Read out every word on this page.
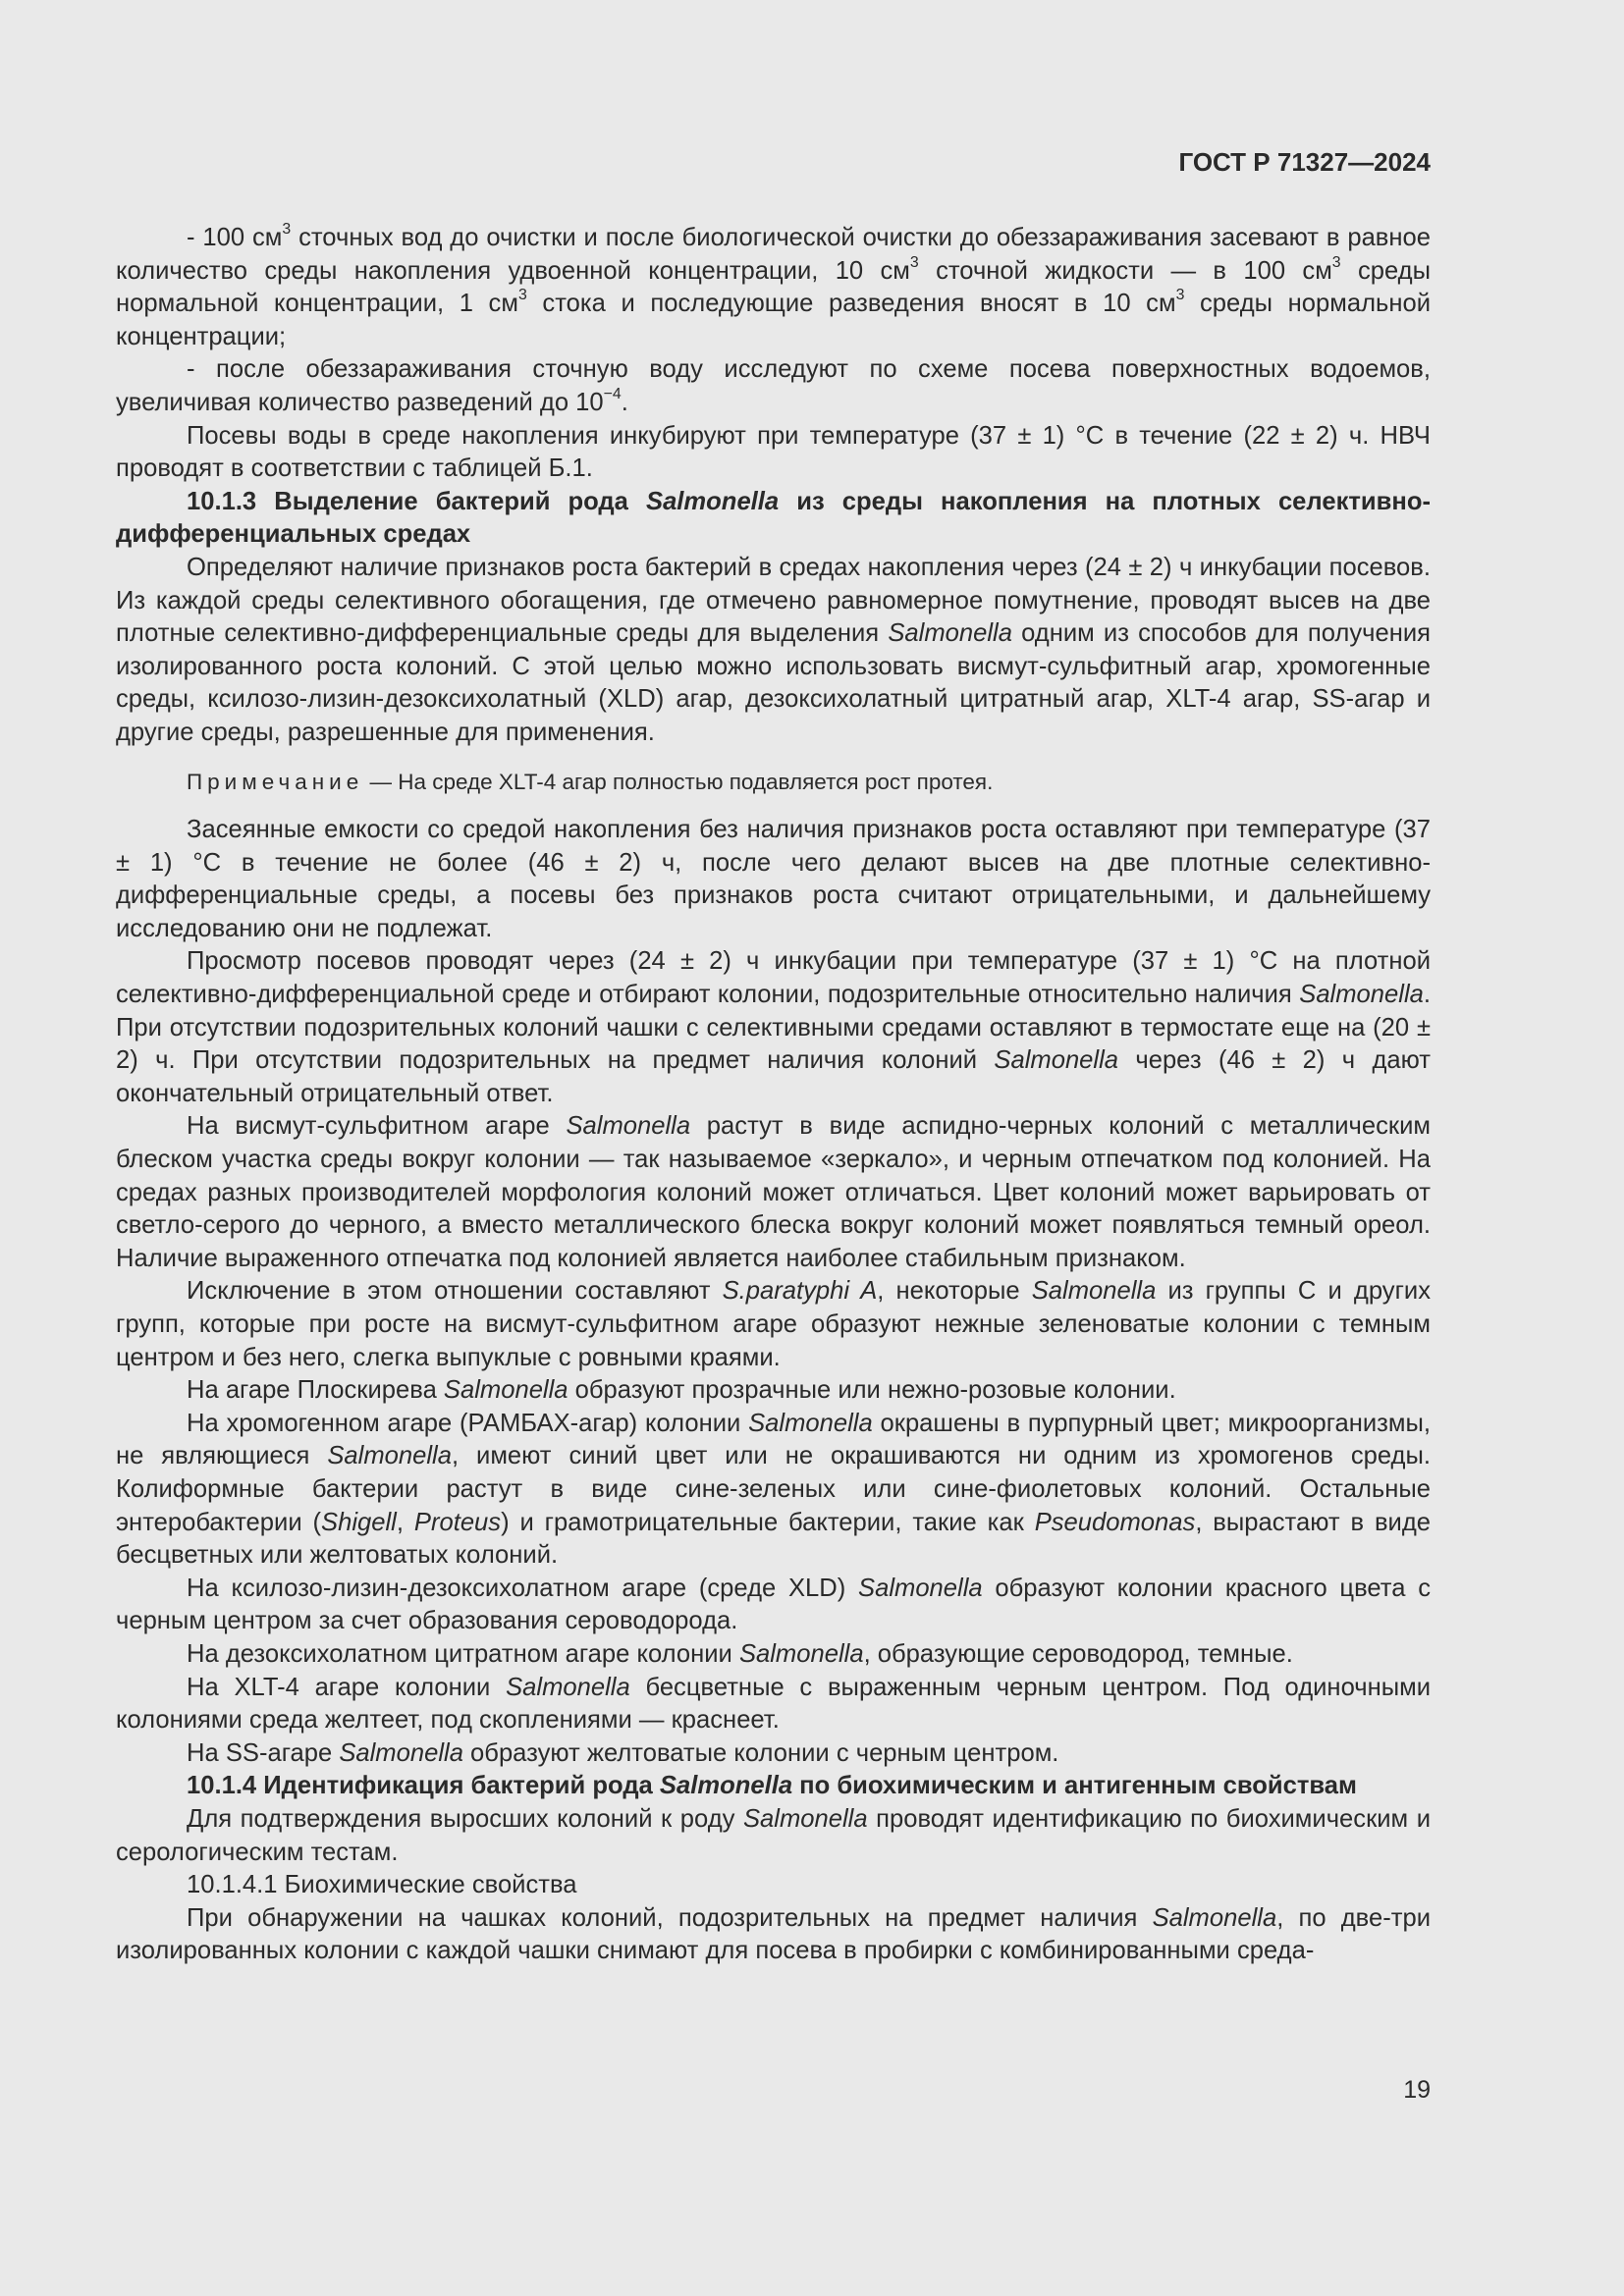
ГОСТ Р 71327—2024

- 100 $см^3$ сточных вод до очистки и после биологической очистки до обеззараживания засевают в равное количество среды накопления удвоенной концентрации, 10 $см^3$ сточной жидкости — в 100 $см^3$ среды нормальной концентрации, 1 $см^3$ стока и последующие разведения вносят в 10 $см^3$ среды нормальной концентрации;

- после обеззараживания сточную воду исследуют по схеме посева поверхностных водоемов, увеличивая количество разведений до $10^{-4}$.

Посевы воды в среде накопления инкубируют при температуре (37 ± 1) °С в течение (22 ± 2) ч. НВЧ проводят в соответствии с таблицей Б.1.

10.1.3 Выделение бактерий рода Salmonella из среды накопления на плотных селективно-дифференциальных средах

Определяют наличие признаков роста бактерий в средах накопления через (24 ± 2) ч инкубации посевов. Из каждой среды селективного обогащения, где отмечено равномерное помутнение, проводят высев на две плотные селективно-дифференциальные среды для выделения Salmonella одним из способов для получения изолированного роста колоний. С этой целью можно использовать висмут-сульфитный агар, хромогенные среды, ксилозо-лизин-дезоксихолатный (XLD) агар, дезоксихолатный цитратный агар, XLT-4 агар, SS-агар и другие среды, разрешенные для применения.

Примечание — На среде XLT-4 агар полностью подавляется рост протея.

Засеянные емкости со средой накопления без наличия признаков роста оставляют при температуре (37 ± 1) °С в течение не более (46 ± 2) ч, после чего делают высев на две плотные селективно-дифференциальные среды, а посевы без признаков роста считают отрицательными, и дальнейшему исследованию они не подлежат.

Просмотр посевов проводят через (24 ± 2) ч инкубации при температуре (37 ± 1) °С на плотной селективно-дифференциальной среде и отбирают колонии, подозрительные относительно наличия Salmonella. При отсутствии подозрительных колоний чашки с селективными средами оставляют в термостате еще на (20 ± 2) ч. При отсутствии подозрительных на предмет наличия колоний Salmonella через (46 ± 2) ч дают окончательный отрицательный ответ.

На висмут-сульфитном агаре Salmonella растут в виде аспидно-черных колоний с металлическим блеском участка среды вокруг колонии — так называемое «зеркало», и черным отпечатком под колонией. На средах разных производителей морфология колоний может отличаться. Цвет колоний может варьировать от светло-серого до черного, а вместо металлического блеска вокруг колоний может появляться темный ореол. Наличие выраженного отпечатка под колонией является наиболее стабильным признаком.

Исключение в этом отношении составляют S.paratyphi A, некоторые Salmonella из группы С и других групп, которые при росте на висмут-сульфитном агаре образуют нежные зеленоватые колонии с темным центром и без него, слегка выпуклые с ровными краями.

На агаре Плоскирева Salmonella образуют прозрачные или нежно-розовые колонии.

На хромогенном агаре (РАМБАХ-агар) колонии Salmonella окрашены в пурпурный цвет; микроорганизмы, не являющиеся Salmonella, имеют синий цвет или не окрашиваются ни одним из хромогенов среды. Колиформные бактерии растут в виде сине-зеленых или сине-фиолетовых колоний. Остальные энтеробактерии (Shigell, Proteus) и грамотрицательные бактерии, такие как Pseudomonas, вырастают в виде бесцветных или желтоватых колоний.

На ксилозо-лизин-дезоксихолатном агаре (среде XLD) Salmonella образуют колонии красного цвета с черным центром за счет образования сероводорода.

На дезоксихолатном цитратном агаре колонии Salmonella, образующие сероводород, темные.

На XLT-4 агаре колонии Salmonella бесцветные с выраженным черным центром. Под одиночными колониями среда желтеет, под скоплениями — краснеет.

На SS-агаре Salmonella образуют желтоватые колонии с черным центром.

10.1.4 Идентификация бактерий рода Salmonella по биохимическим и антигенным свойствам

Для подтверждения выросших колоний к роду Salmonella проводят идентификацию по биохимическим и серологическим тестам.

10.1.4.1 Биохимические свойства

При обнаружении на чашках колоний, подозрительных на предмет наличия Salmonella, по две-три изолированных колонии с каждой чашки снимают для посева в пробирки с комбинированными среда-

19
